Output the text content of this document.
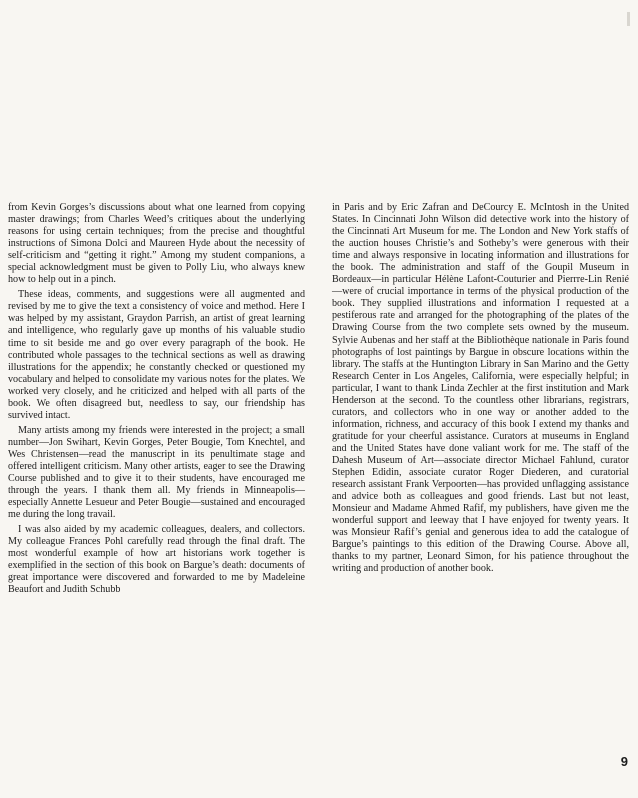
from Kevin Gorges’s discussions about what one learned from copying master drawings; from Charles Weed’s critiques about the underlying reasons for using certain techniques; from the precise and thoughtful instructions of Simona Dolci and Maureen Hyde about the necessity of self-criticism and “getting it right.” Among my student companions, a special acknowledgment must be given to Polly Liu, who always knew how to help out in a pinch.

These ideas, comments, and suggestions were all augmented and revised by me to give the text a consistency of voice and method. Here I was helped by my assistant, Graydon Parrish, an artist of great learning and intelligence, who regularly gave up months of his valuable studio time to sit beside me and go over every paragraph of the book. He contributed whole passages to the technical sections as well as drawing illustrations for the appendix; he constantly checked or questioned my vocabulary and helped to consolidate my various notes for the plates. We worked very closely, and he criticized and helped with all parts of the book. We often disagreed but, needless to say, our friendship has survived intact.

Many artists among my friends were interested in the project; a small number—Jon Swihart, Kevin Gorges, Peter Bougie, Tom Knechtel, and Wes Christensen—read the manuscript in its penultimate stage and offered intelligent criticism. Many other artists, eager to see the Drawing Course published and to give it to their students, have encouraged me through the years. I thank them all. My friends in Minneapolis—especially Annette Lesueur and Peter Bougie—sustained and encouraged me during the long travail.

I was also aided by my academic colleagues, dealers, and collectors. My colleague Frances Pohl carefully read through the final draft. The most wonderful example of how art historians work together is exemplified in the section of this book on Bargue’s death: documents of great importance were discovered and forwarded to me by Madeleine Beaufort and Judith Schubb

in Paris and by Eric Zafran and DeCourcy E. McIntosh in the United States. In Cincinnati John Wilson did detective work into the history of the Cincinnati Art Museum for me. The London and New York staffs of the auction houses Christie’s and Sotheby’s were generous with their time and always responsive in locating information and illustrations for the book. The administration and staff of the Goupil Museum in Bordeaux—in particular Hélène Lafont-Couturier and Pierrre-Lin Renié—were of crucial importance in terms of the physical production of the book. They supplied illustrations and information I requested at a pestiferous rate and arranged for the photographing of the plates of the Drawing Course from the two complete sets owned by the museum. Sylvie Aubenas and her staff at the Bibliothèque nationale in Paris found photographs of lost paintings by Bargue in obscure locations within the library. The staffs at the Huntington Library in San Marino and the Getty Research Center in Los Angeles, California, were especially helpful; in particular, I want to thank Linda Zechler at the first institution and Mark Henderson at the second. To the countless other librarians, registrars, curators, and collectors who in one way or another added to the information, richness, and accuracy of this book I extend my thanks and gratitude for your cheerful assistance. Curators at museums in England and the United States have done valiant work for me. The staff of the Dahesh Museum of Art—associate director Michael Fahlund, curator Stephen Edidin, associate curator Roger Diederen, and curatorial research assistant Frank Verpoorten—has provided unflagging assistance and advice both as colleagues and good friends. Last but not least, Monsieur and Madame Ahmed Rafif, my publishers, have given me the wonderful support and leeway that I have enjoyed for twenty years. It was Monsieur Rafif’s genial and generous idea to add the catalogue of Bargue’s paintings to this edition of the Drawing Course. Above all, thanks to my partner, Leonard Simon, for his patience throughout the writing and production of another book.

9
